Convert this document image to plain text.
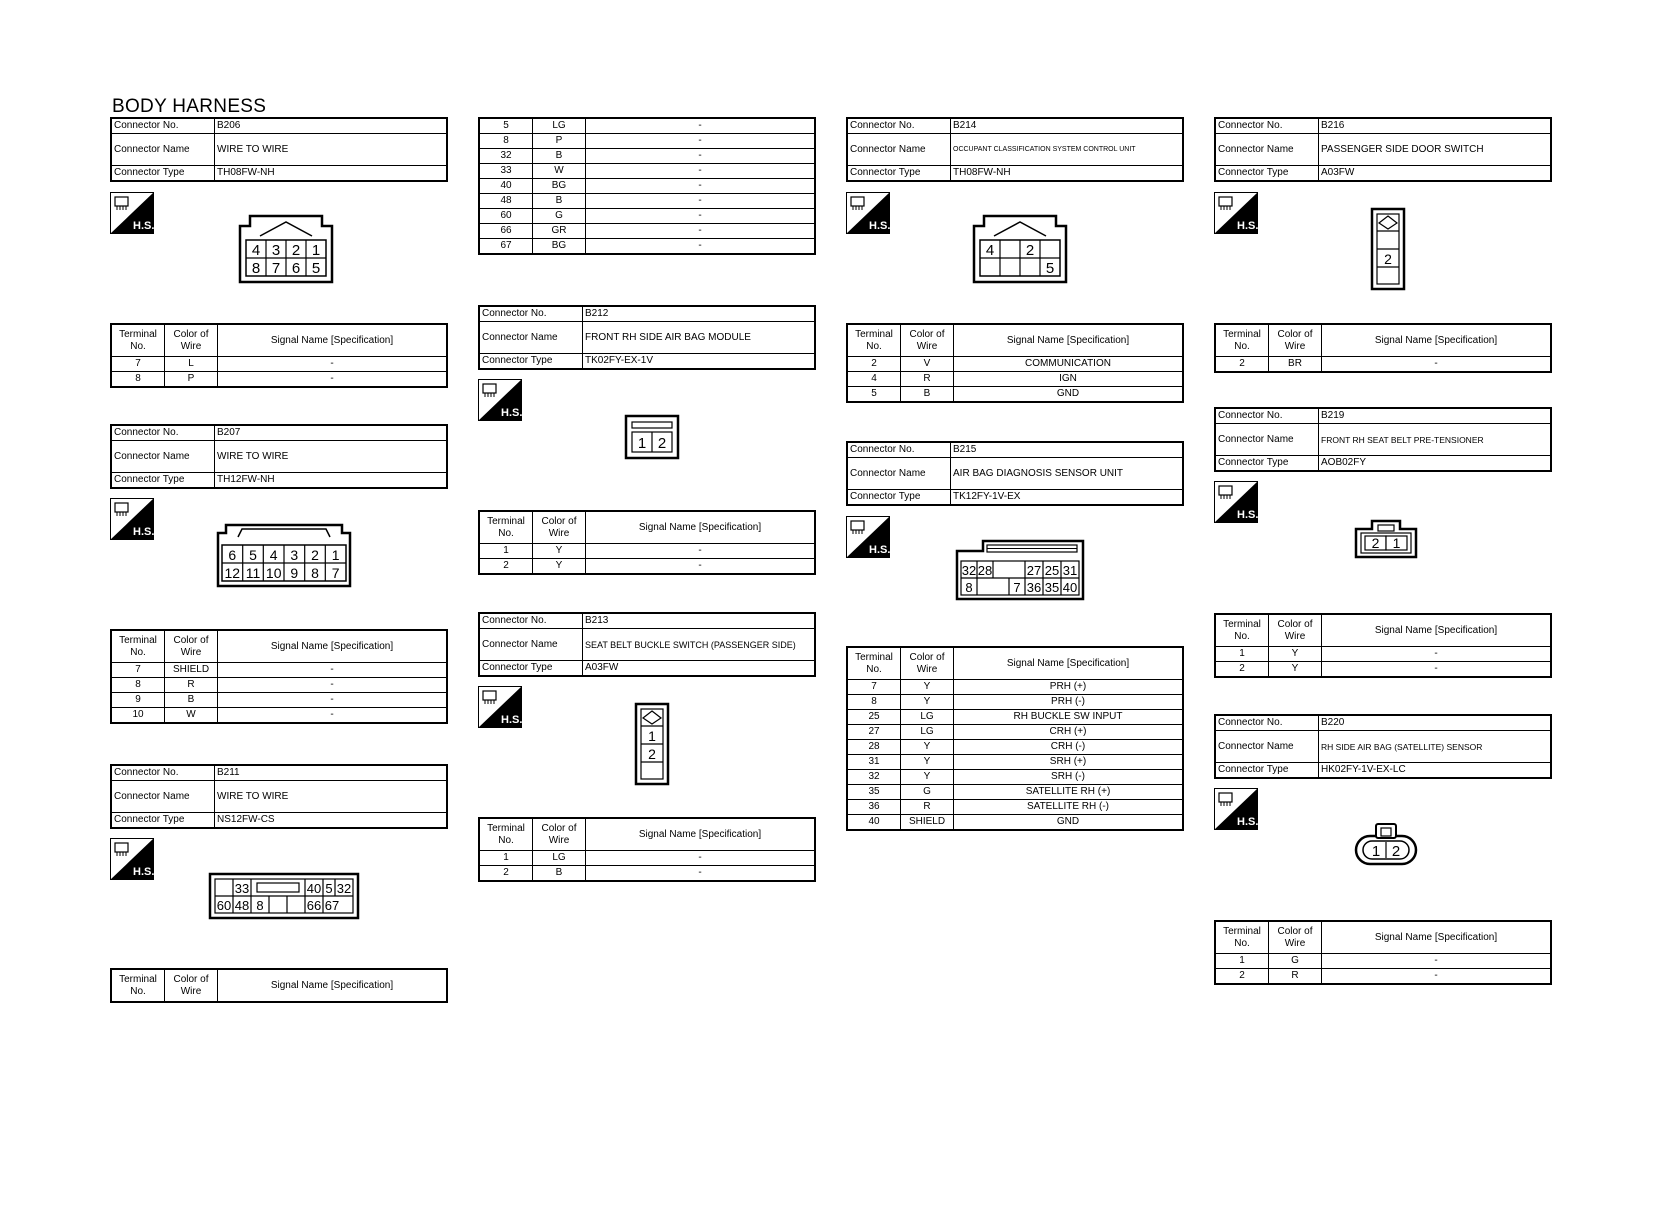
BODY HARNESS
Connector No.	B206
Connector Name	WIRE TO WIRE
Connector Type	TH08FW-NH
H.S.
4 3 2 1
8 7 6 5
Terminal No.	Color of Wire	Signal Name [Specification]
7	L	-
8	P	-
Connector No.	B207
Connector Name	WIRE TO WIRE
Connector Type	TH12FW-NH
H.S.
6 5 4 3 2 1
12 11 10 9 8 7
Terminal No.	Color of Wire	Signal Name [Specification]
7	SHIELD	-
8	R	-
9	B	-
10	W	-
Connector No.	B211
Connector Name	WIRE TO WIRE
Connector Type	NS12FW-CS
H.S.
33	40 5 32
60 48 8	66 67
Terminal No.	Color of Wire	Signal Name [Specification]
5	LG	-
8	P	-
32	B	-
33	W	-
40	BG	-
48	B	-
60	G	-
66	GR	-
67	BG	-
Connector No.	B212
Connector Name	FRONT RH SIDE AIR BAG MODULE
Connector Type	TK02FY-EX-1V
H.S.
1 2
Terminal No.	Color of Wire	Signal Name [Specification]
1	Y	-
2	Y	-
Connector No.	B213
Connector Name	SEAT BELT BUCKLE SWITCH (PASSENGER SIDE)
Connector Type	A03FW
H.S.
1
2
Terminal No.	Color of Wire	Signal Name [Specification]
1	LG	-
2	B	-
Connector No.	B214
Connector Name	OCCUPANT CLASSIFICATION SYSTEM CONTROL UNIT
Connector Type	TH08FW-NH
H.S.
4 2
5
Terminal No.	Color of Wire	Signal Name [Specification]
2	V	COMMUNICATION
4	R	IGN
5	B	GND
Connector No.	B215
Connector Name	AIR BAG DIAGNOSIS SENSOR UNIT
Connector Type	TK12FY-1V-EX
H.S.
32 28	27 25 31
8	7 36 35 40
Terminal No.	Color of Wire	Signal Name [Specification]
7	Y	PRH (+)
8	Y	PRH (-)
25	LG	RH BUCKLE SW INPUT
27	LG	CRH (+)
28	Y	CRH (-)
31	Y	SRH (+)
32	Y	SRH (-)
35	G	SATELLITE RH (+)
36	R	SATELLITE RH (-)
40	SHIELD	GND
Connector No.	B216
Connector Name	PASSENGER SIDE DOOR SWITCH
Connector Type	A03FW
H.S.
2
Terminal No.	Color of Wire	Signal Name [Specification]
2	BR	-
Connector No.	B219
Connector Name	FRONT RH SEAT BELT PRE-TENSIONER
Connector Type	AOB02FY
H.S.
2 1
Terminal No.	Color of Wire	Signal Name [Specification]
1	Y	-
2	Y	-
Connector No.	B220
Connector Name	RH SIDE AIR BAG (SATELLITE) SENSOR
Connector Type	HK02FY-1V-EX-LC
H.S.
1 2
Terminal No.	Color of Wire	Signal Name [Specification]
1	G	-
2	R	-
